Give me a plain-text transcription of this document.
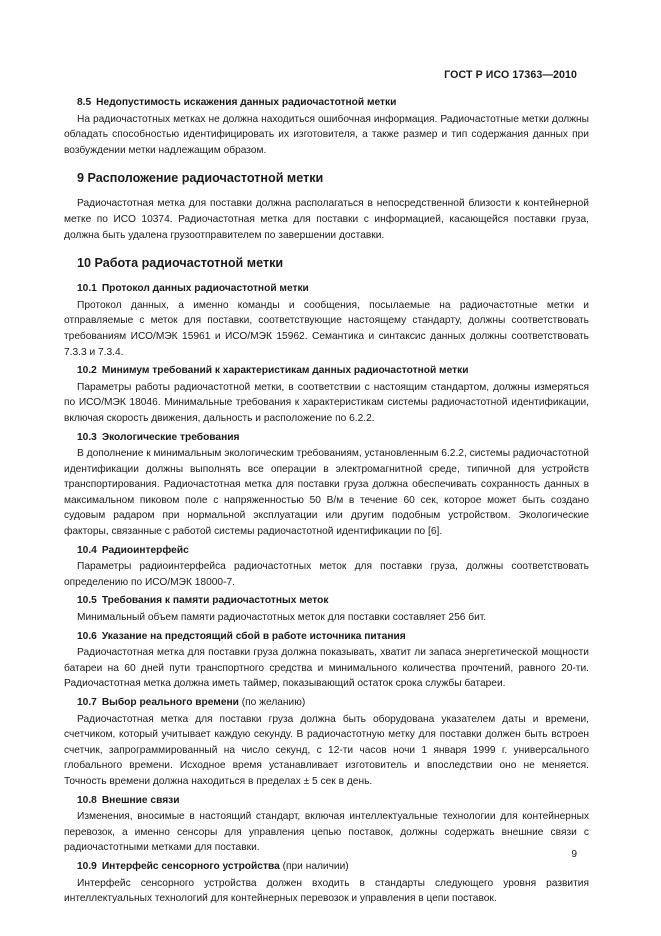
ГОСТ Р ИСО 17363—2010
8.5 Недопустимость искажения данных радиочастотной метки

На радиочастотных метках не должна находиться ошибочная информация. Радиочастотные метки должны обладать способностью идентифицировать их изготовителя, а также размер и тип содержания данных при возбуждении метки надлежащим образом.

9 Расположение радиочастотной метки

Радиочастотная метка для поставки должна располагаться в непосредственной близости к контейнерной метке по ИСО 10374. Радиочастотная метка для поставки с информацией, касающейся поставки груза, должна быть удалена грузоотправителем по завершении доставки.

10 Работа радиочастотной метки
10.1 Протокол данных радиочастотной метки

Протокол данных, а именно команды и сообщения, посылаемые на радиочастотные метки и отправляемые с меток для поставки, соответствующие настоящему стандарту, должны соответствовать требованиям ИСО/МЭК 15961 и ИСО/МЭК 15962. Семантика и синтаксис данных должны соответствовать 7.3.3 и 7.3.4.

10.2 Минимум требований к характеристикам данных радиочастотной метки

Параметры работы радиочастотной метки, в соответствии с настоящим стандартом, должны измеряться по ИСО/МЭК 18046. Минимальные требования к характеристикам системы радиочастотной идентификации, включая скорость движения, дальность и расположение по 6.2.2.

10.3 Экологические требования

В дополнение к минимальным экологическим требованиям, установленным 6.2.2, системы радиочастотной идентификации должны выполнять все операции в электромагнитной среде, типичной для устройств транспортирования. Радиочастотная метка для поставки груза должна обеспечивать сохранность данных в максимальном пиковом поле с напряженностью 50 В/м в течение 60 сек, которое может быть создано судовым радаром при нормальной эксплуатации или другим подобным устройством. Экологические факторы, связанные с работой системы радиочастотной идентификации по [6].

10.4 Радиоинтерфейс

Параметры радиоинтерфейса радиочастотных меток для поставки груза, должны соответствовать определению по ИСО/МЭК 18000-7.

10.5 Требования к памяти радиочастотных меток

Минимальный объем памяти радиочастотных меток для поставки составляет 256 бит.

10.6 Указание на предстоящий сбой в работе источника питания

Радиочастотная метка для поставки груза должна показывать, хватит ли запаса энергетической мощности батареи на 60 дней пути транспортного средства и минимального количества прочтений, равного 20-ти. Радиочастотная метка должна иметь таймер, показывающий остаток срока службы батареи.

10.7 Выбор реального времени (по желанию)

Радиочастотная метка для поставки груза должна быть оборудована указателем даты и времени, счетчиком, который учитывает каждую секунду. В радиочастотную метку для поставки должен быть встроен счетчик, запрограммированный на число секунд, с 12-ти часов ночи 1 января 1999 г. универсального глобального времени. Исходное время устанавливает изготовитель и впоследствии оно не меняется. Точность времени должна находиться в пределах ± 5 сек в день.

10.8 Внешние связи

Изменения, вносимые в настоящий стандарт, включая интеллектуальные технологии для контейнерных перевозок, а именно сенсоры для управления цепью поставок, должны содержать внешние связи с радиочастотными метками для поставки.

10.9 Интерфейс сенсорного устройства (при наличии)

Интерфейс сенсорного устройства должен входить в стандарты следующего уровня развития интеллектуальных технологий для контейнерных перевозок и управления в цепи поставок.

9
